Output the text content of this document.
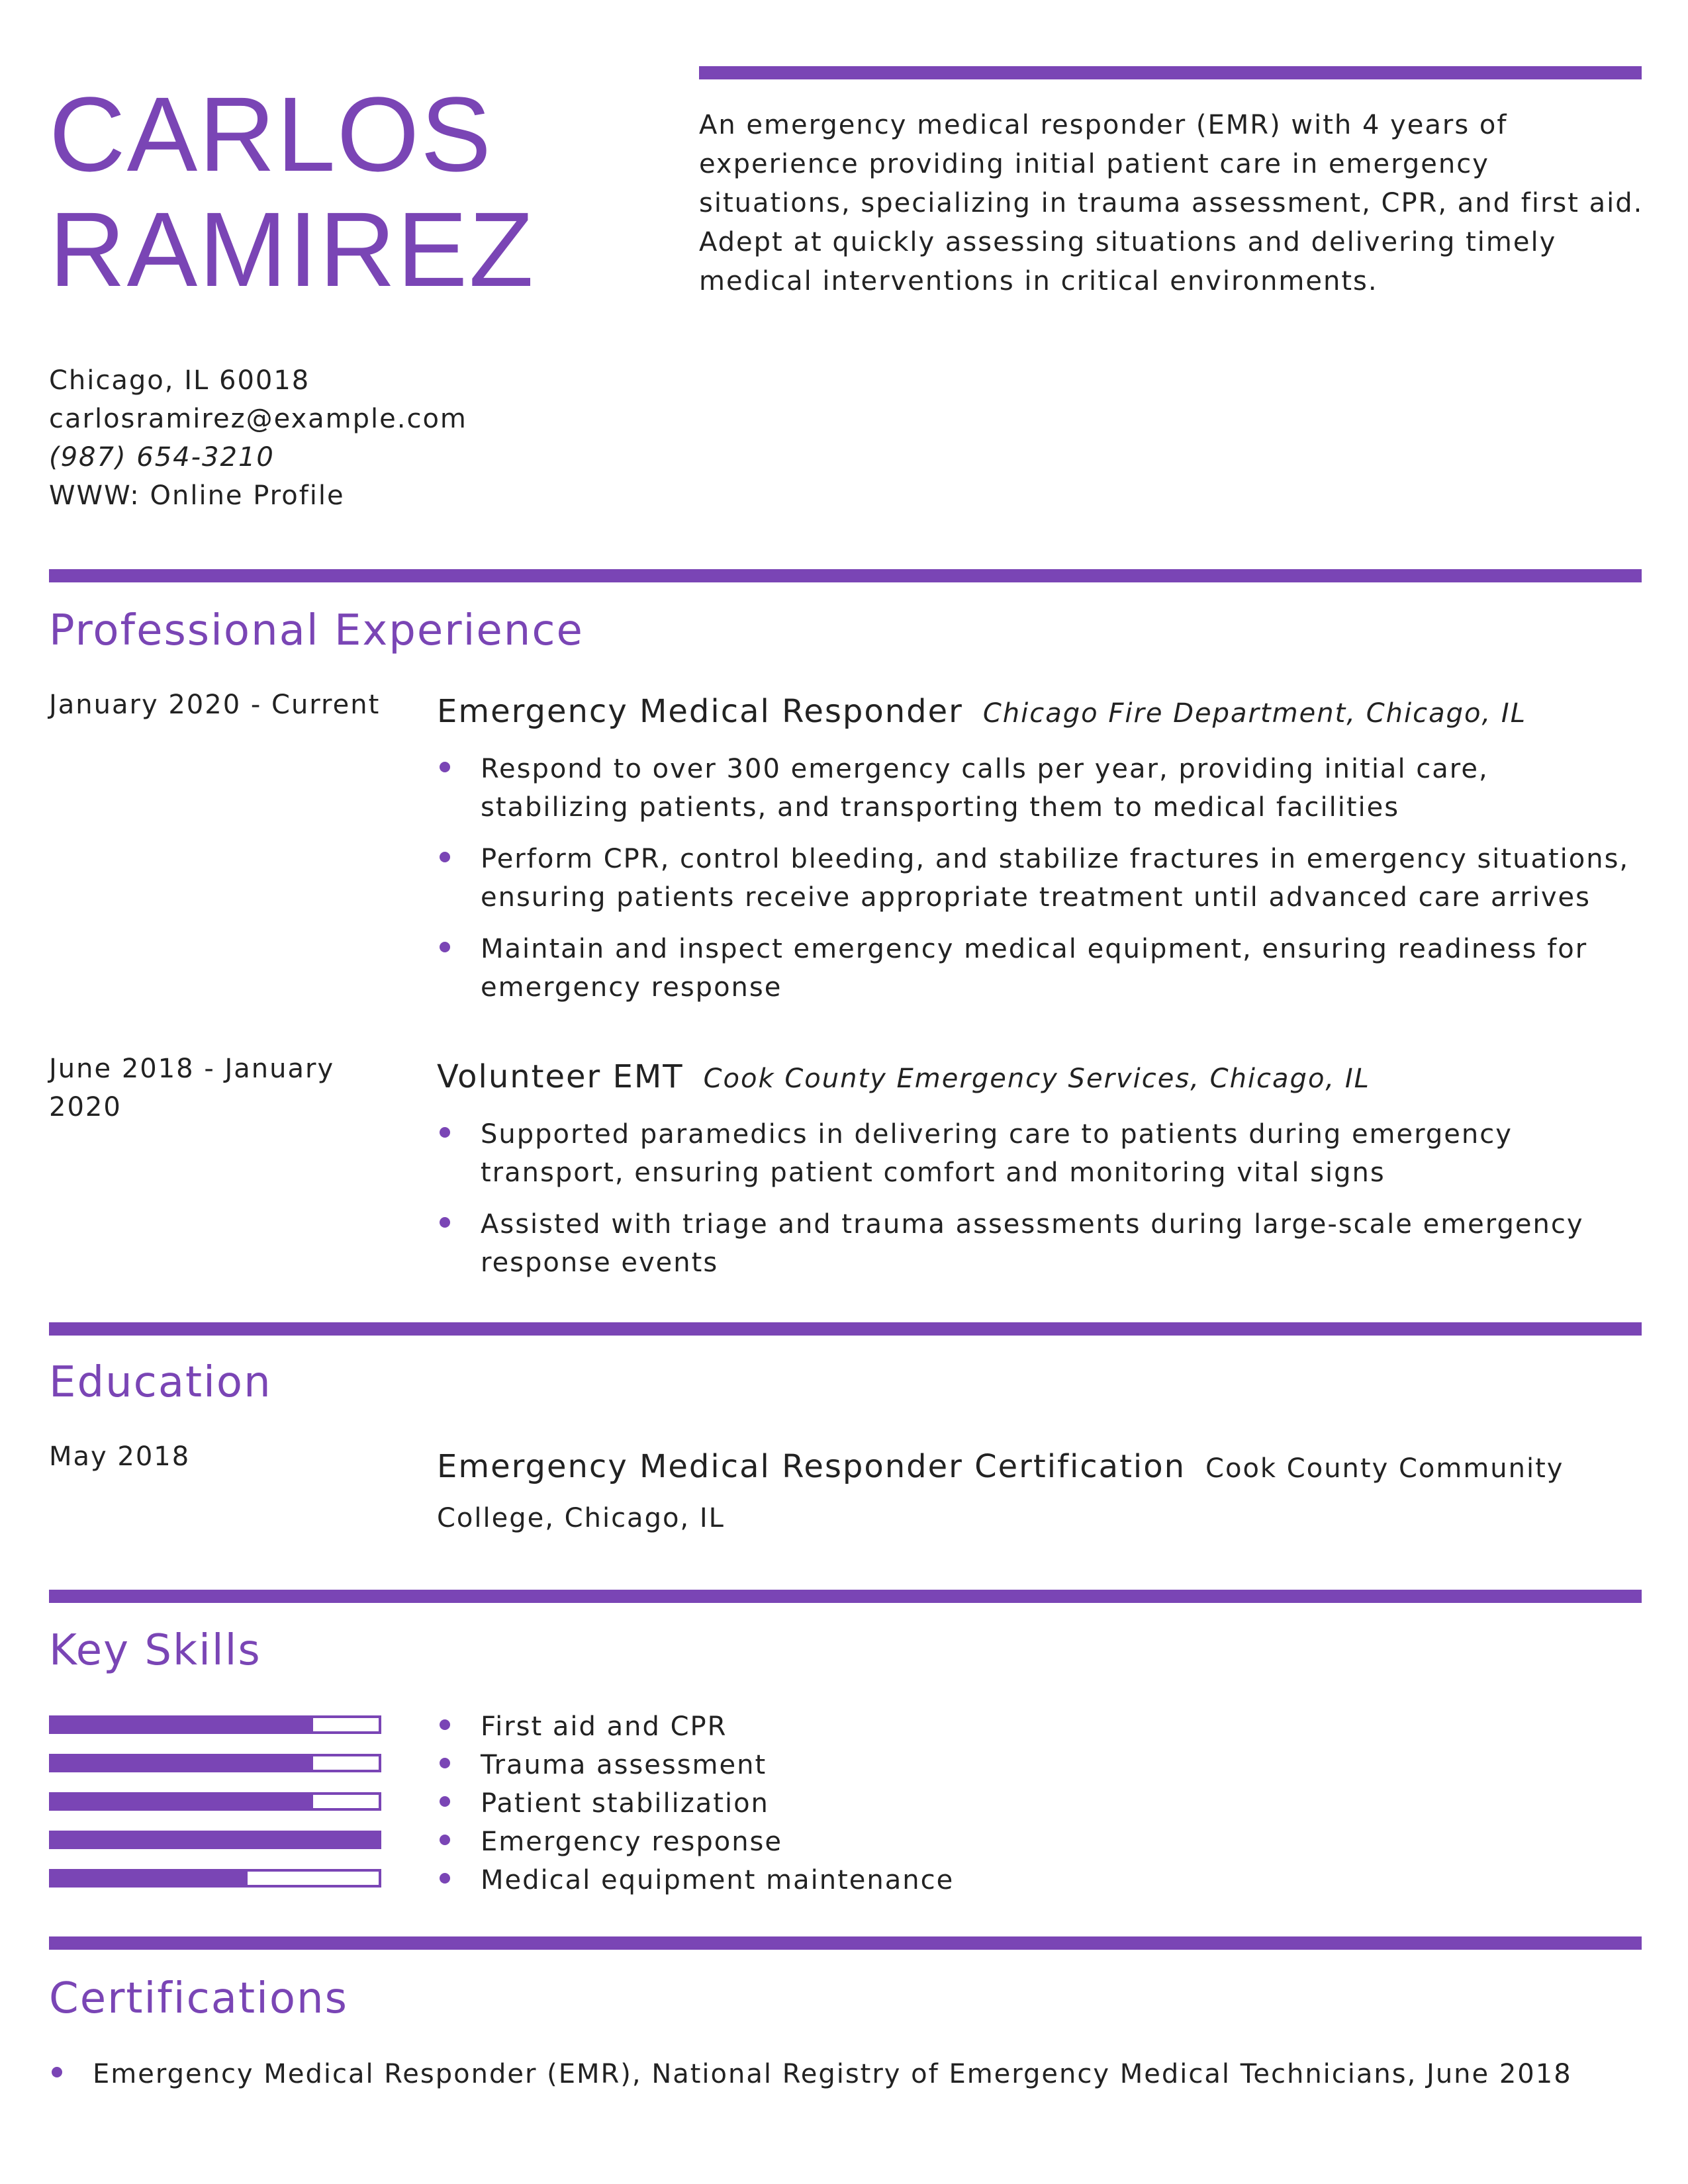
CARLOS
RAMIREZ
An emergency medical responder (EMR) with 4 years of experience providing initial patient care in emergency situations, specializing in trauma assessment, CPR, and first aid. Adept at quickly assessing situations and delivering timely medical interventions in critical environments.
Chicago, IL 60018
carlosramirez@example.com
(987) 654-3210
WWW: Online Profile
Professional Experience
January 2020 - Current	Emergency Medical Responder Chicago Fire Department, Chicago, IL
Respond to over 300 emergency calls per year, providing initial care, stabilizing patients, and transporting them to medical facilities
Perform CPR, control bleeding, and stabilize fractures in emergency situations, ensuring patients receive appropriate treatment until advanced care arrives
Maintain and inspect emergency medical equipment, ensuring readiness for emergency response
June 2018 - January 2020
Volunteer EMT Cook County Emergency Services, Chicago, IL
Supported paramedics in delivering care to patients during emergency transport, ensuring patient comfort and monitoring vital signs
Assisted with triage and trauma assessments during large-scale emergency response events
Education
May 2018	Emergency Medical Responder Certification Cook County Community College, Chicago, IL
Key Skills
First aid and CPR
Trauma assessment
Patient stabilization
Emergency response
Medical equipment maintenance
Certifications
Emergency Medical Responder (EMR), National Registry of Emergency Medical Technicians, June 2018
